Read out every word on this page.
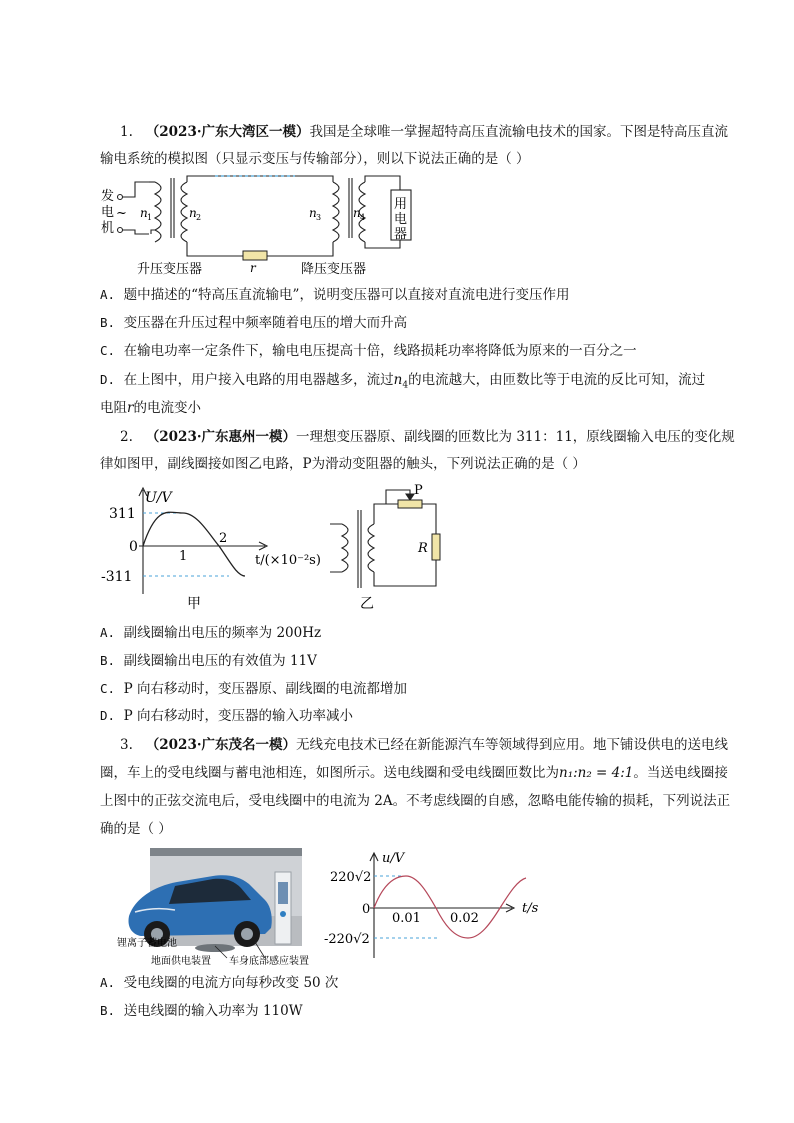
1. （2023·广东大湾区一模）我国是全球唯一掌握超特高压直流输电技术的国家。下图是特高压直流
输电系统的模拟图（只显示变压与传输部分），则以下说法正确的是（ ）
发
电
机
~ n 1	n 2	n 3	n 4
用
电
器
r
升压变压器	降压变压器
A. 题中描述的“特高压直流输电”，说明变压器可以直接对直流电进行变压作用
B. 变压器在升压过程中频率随着电压的增大而升高
C. 在输电功率一定条件下，输电电压提高十倍，线路损耗功率将降低为原来的一百分之一
D. 在上图中，用户接入电路的用电器越多，流过$n_4$的电流越大，由匝数比等于电流的反比可知，流过
电阻r的电流变小
2. （2023·广东惠州一模）一理想变压器原、副线圈的匝数比为 311：11，原线圈输入电压的变化规
律如图甲，副线圈接如图乙电路，P为滑动变阻器的触头，下列说法正确的是（ ）
U/V
311
0
-311
1
2
t/(×10⁻²s)
甲
P
R
乙
A. 副线圈输出电压的频率为 200Hz
B. 副线圈输出电压的有效值为 11V
C. P 向右移动时，变压器原、副线圈的电流都增加
D. P 向右移动时，变压器的输入功率减小
3. （2023·广东茂名一模）无线充电技术已经在新能源汽车等领域得到应用。地下铺设供电的送电线
圈，车上的受电线圈与蓄电池相连，如图所示。送电线圈和受电线圈匝数比为n₁:n₂ = 4:1。当送电线圈接
上图中的正弦交流电后，受电线圈中的电流为 2A。不考虑线圈的自感，忽略电能传输的损耗，下列说法正
确的是（ ）
锂离子蓄电池
地面供电装置 车身底部感应装置
u/V
220√2
0
-220√2
0.01 0.02
t/s
A. 受电线圈的电流方向每秒改变 50 次
B. 送电线圈的输入功率为 110W
